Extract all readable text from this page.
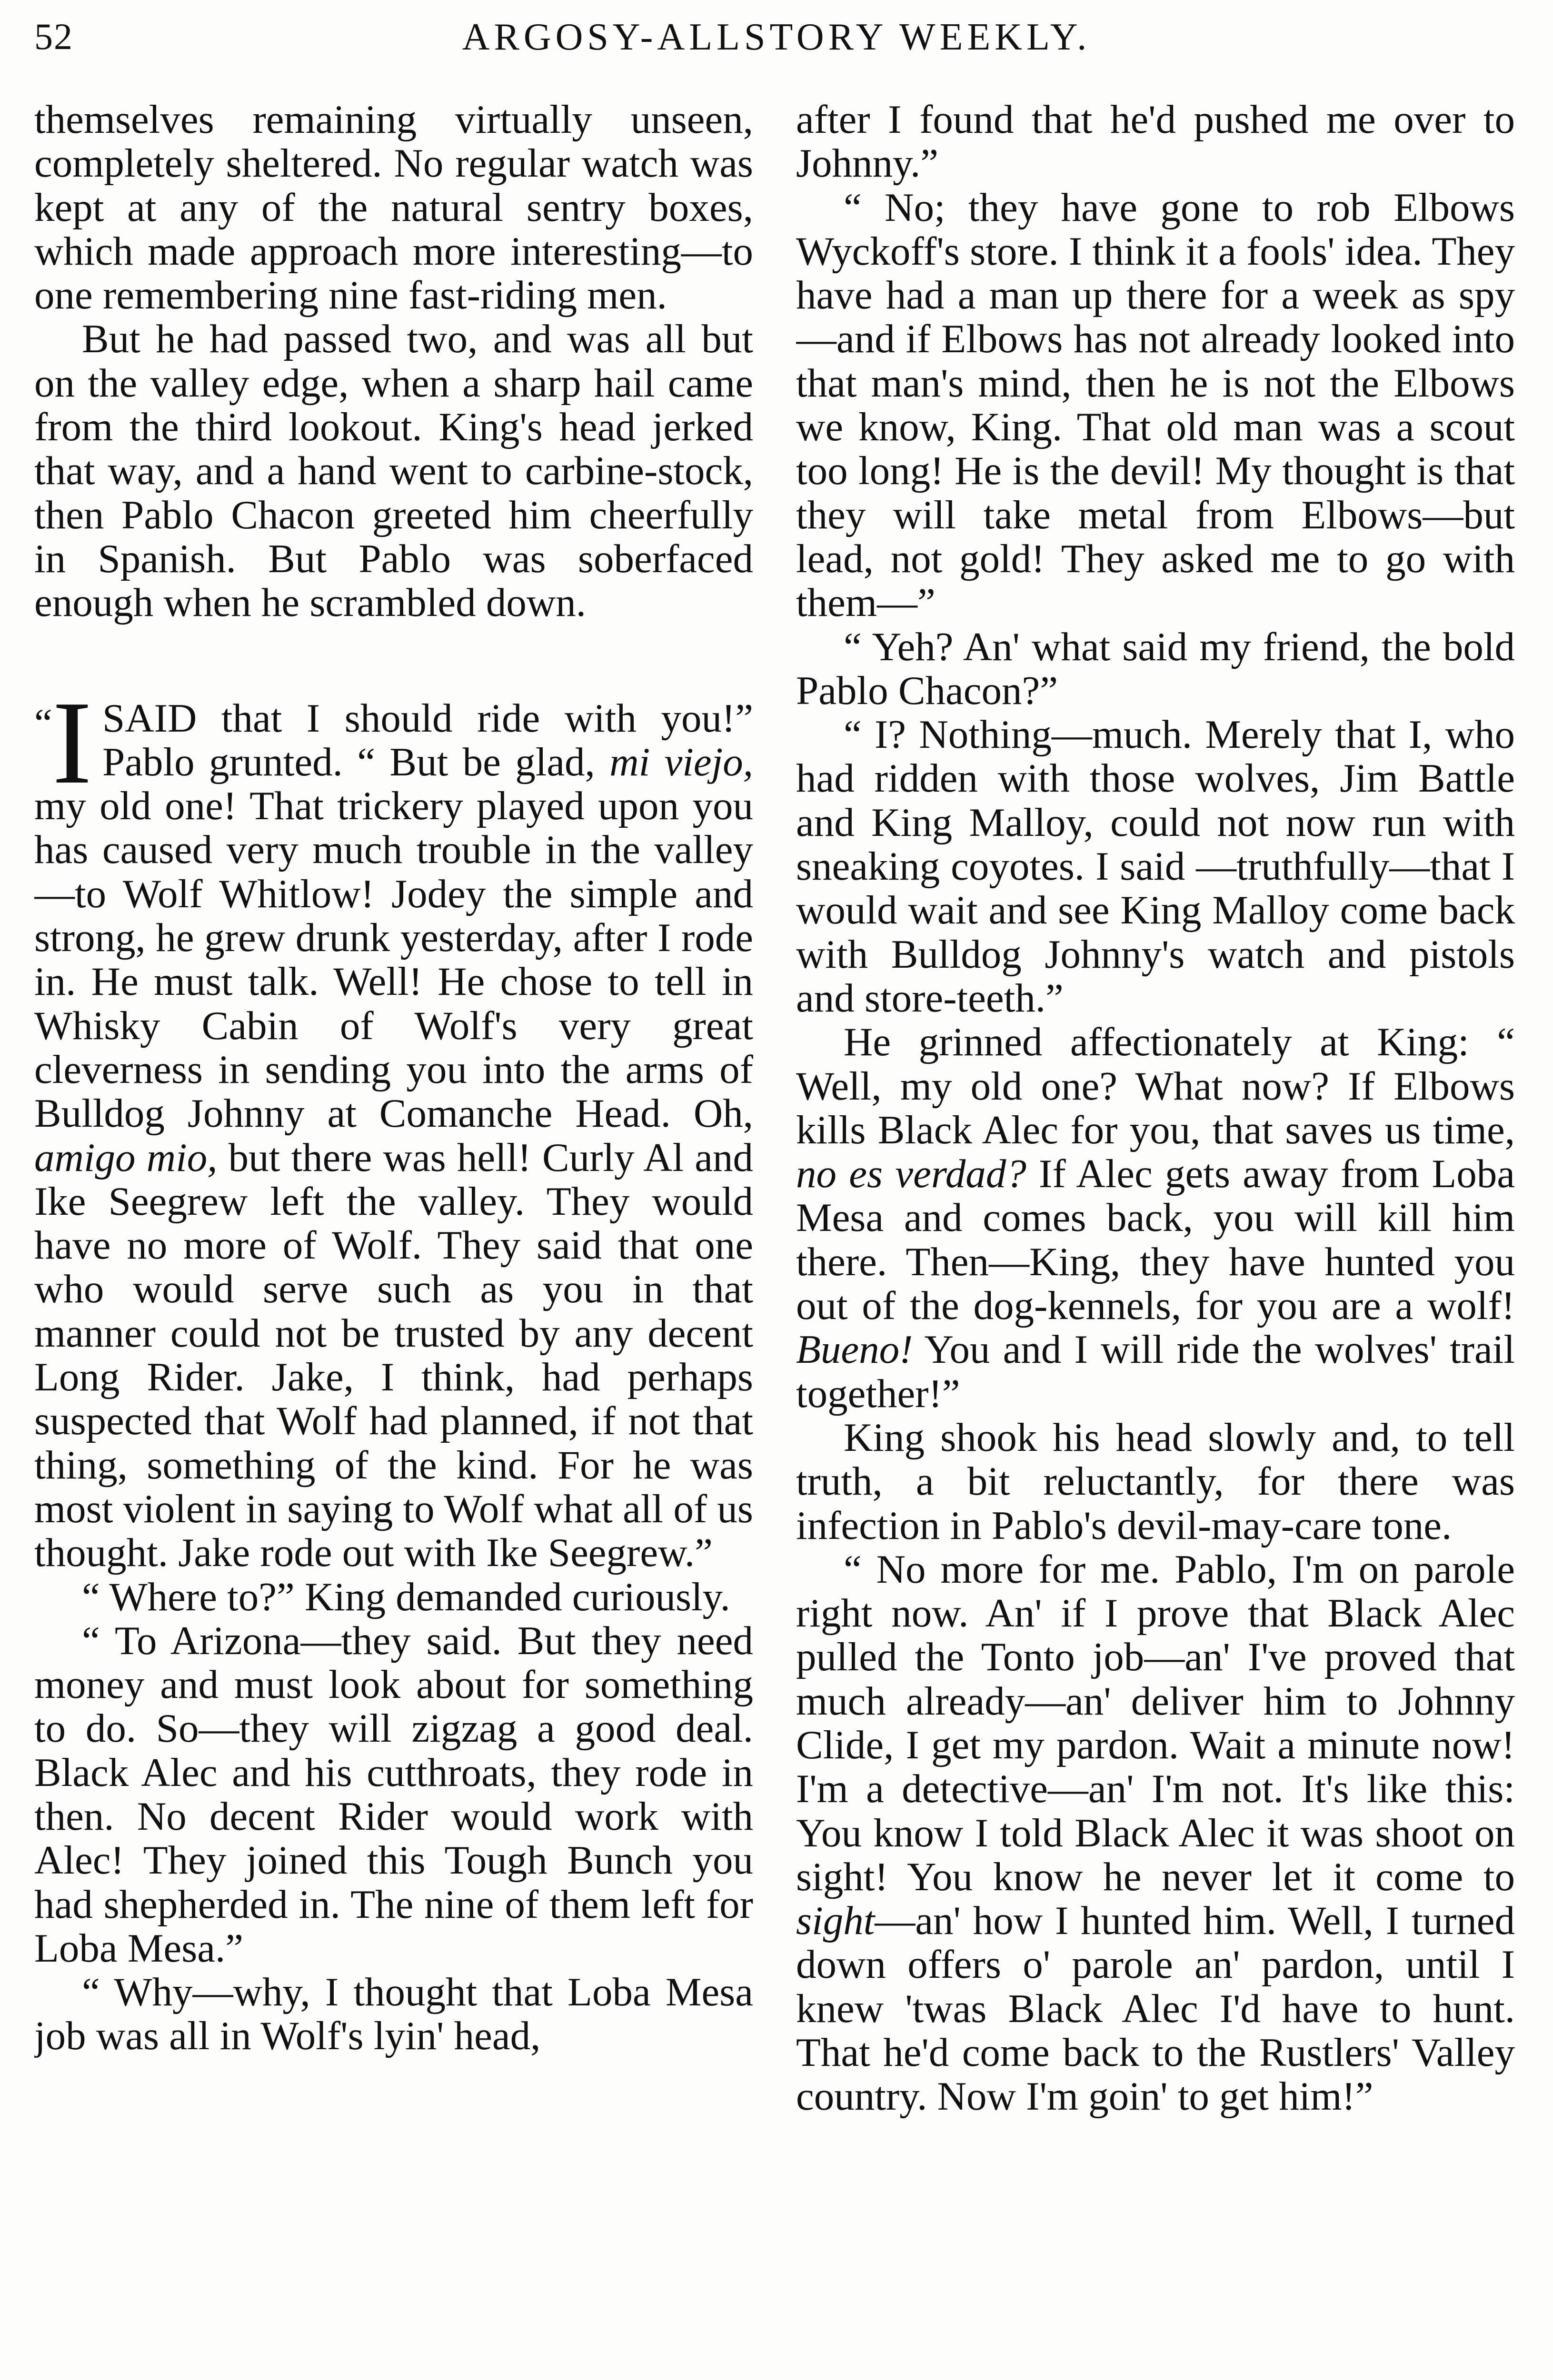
52	ARGOSY-ALLSTORY WEEKLY.

themselves remaining virtually unseen, completely sheltered. No regular watch was kept at any of the natural sentry boxes, which made approach more interesting—to one remembering nine fast-riding men.

But he had passed two, and was all but on the valley edge, when a sharp hail came from the third lookout. King's head jerked that way, and a hand went to carbine-stock, then Pablo Chacon greeted him cheerfully in Spanish. But Pablo was soberfaced enough when he scrambled down.

“I SAID that I should ride with you!” Pablo grunted. “ But be glad, mi viejo, my old one! That trickery played upon you has caused very much trouble in the valley—to Wolf Whitlow! Jodey the simple and strong, he grew drunk yesterday, after I rode in. He must talk. Well! He chose to tell in Whisky Cabin of Wolf's very great cleverness in sending you into the arms of Bulldog Johnny at Comanche Head. Oh, amigo mio, but there was hell! Curly Al and Ike Seegrew left the valley. They would have no more of Wolf. They said that one who would serve such as you in that manner could not be trusted by any decent Long Rider. Jake, I think, had perhaps suspected that Wolf had planned, if not that thing, something of the kind. For he was most violent in saying to Wolf what all of us thought. Jake rode out with Ike Seegrew.”

“ Where to?” King demanded curiously.

“ To Arizona—they said. But they need money and must look about for something to do. So—they will zigzag a good deal. Black Alec and his cutthroats, they rode in then. No decent Rider would work with Alec! They joined this Tough Bunch you had shepherded in. The nine of them left for Loba Mesa.”

“ Why—why, I thought that Loba Mesa job was all in Wolf's lyin' head,

after I found that he'd pushed me over to Johnny.”

“ No; they have gone to rob Elbows Wyckoff's store. I think it a fools' idea. They have had a man up there for a week as spy—and if Elbows has not already looked into that man's mind, then he is not the Elbows we know, King. That old man was a scout too long! He is the devil! My thought is that they will take metal from Elbows—but lead, not gold! They asked me to go with them—”

“ Yeh? An' what said my friend, the bold Pablo Chacon?”

“ I? Nothing—much. Merely that I, who had ridden with those wolves, Jim Battle and King Malloy, could not now run with sneaking coyotes. I said —truthfully—that I would wait and see King Malloy come back with Bulldog Johnny's watch and pistols and store-teeth.”

He grinned affectionately at King: “ Well, my old one? What now? If Elbows kills Black Alec for you, that saves us time, no es verdad? If Alec gets away from Loba Mesa and comes back, you will kill him there. Then—King, they have hunted you out of the dog-kennels, for you are a wolf! Bueno! You and I will ride the wolves' trail together!”

King shook his head slowly and, to tell truth, a bit reluctantly, for there was infection in Pablo's devil-may-care tone.

“ No more for me. Pablo, I'm on parole right now. An' if I prove that Black Alec pulled the Tonto job—an' I've proved that much already—an' deliver him to Johnny Clide, I get my pardon. Wait a minute now! I'm a detective—an' I'm not. It's like this: You know I told Black Alec it was shoot on sight! You know he never let it come to sight—an' how I hunted him. Well, I turned down offers o' parole an' pardon, until I knew 'twas Black Alec I'd have to hunt. That he'd come back to the Rustlers' Valley country. Now I'm goin' to get him!”
